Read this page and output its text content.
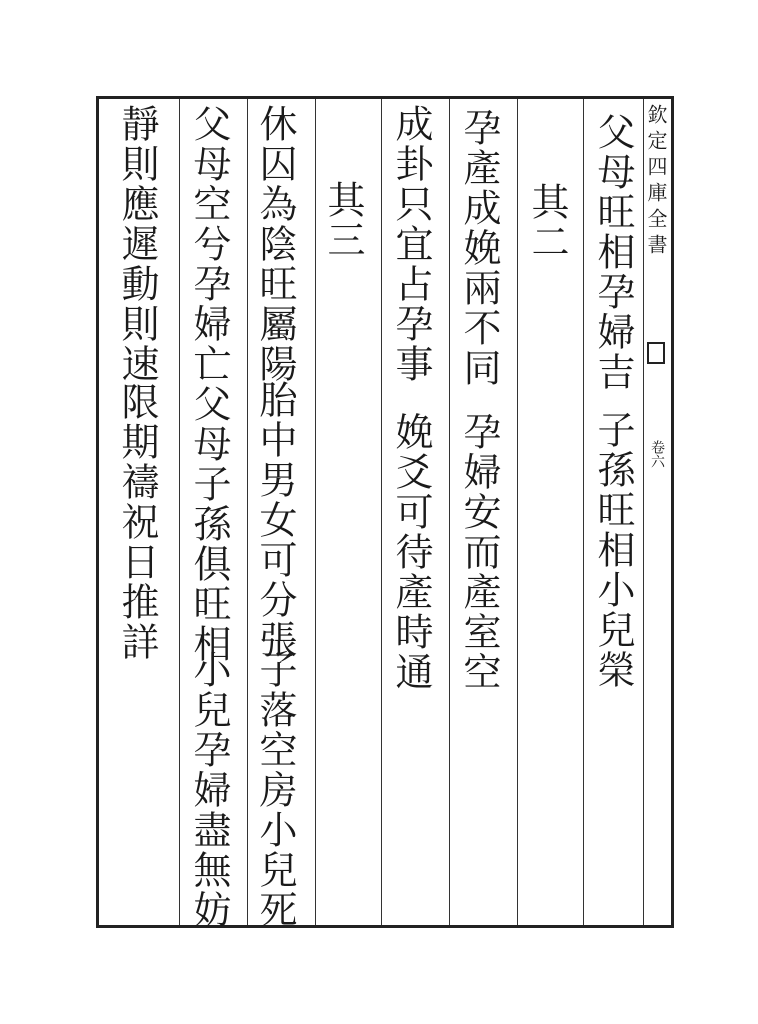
欽定四庫全書
卷六
父母旺相孕婦吉
子孫旺相小兒榮
其二
孕產成娩兩不同
孕婦安而產室空
成卦只宜占孕事
娩爻可待產時通
其三
休囚為陰旺屬陽
胎中男女可分張
子落空房小兒死
父母空兮孕婦亡
父母子孫俱旺相
小兒孕婦盡無妨
靜則應遲動則速
限期禱祝日推詳
